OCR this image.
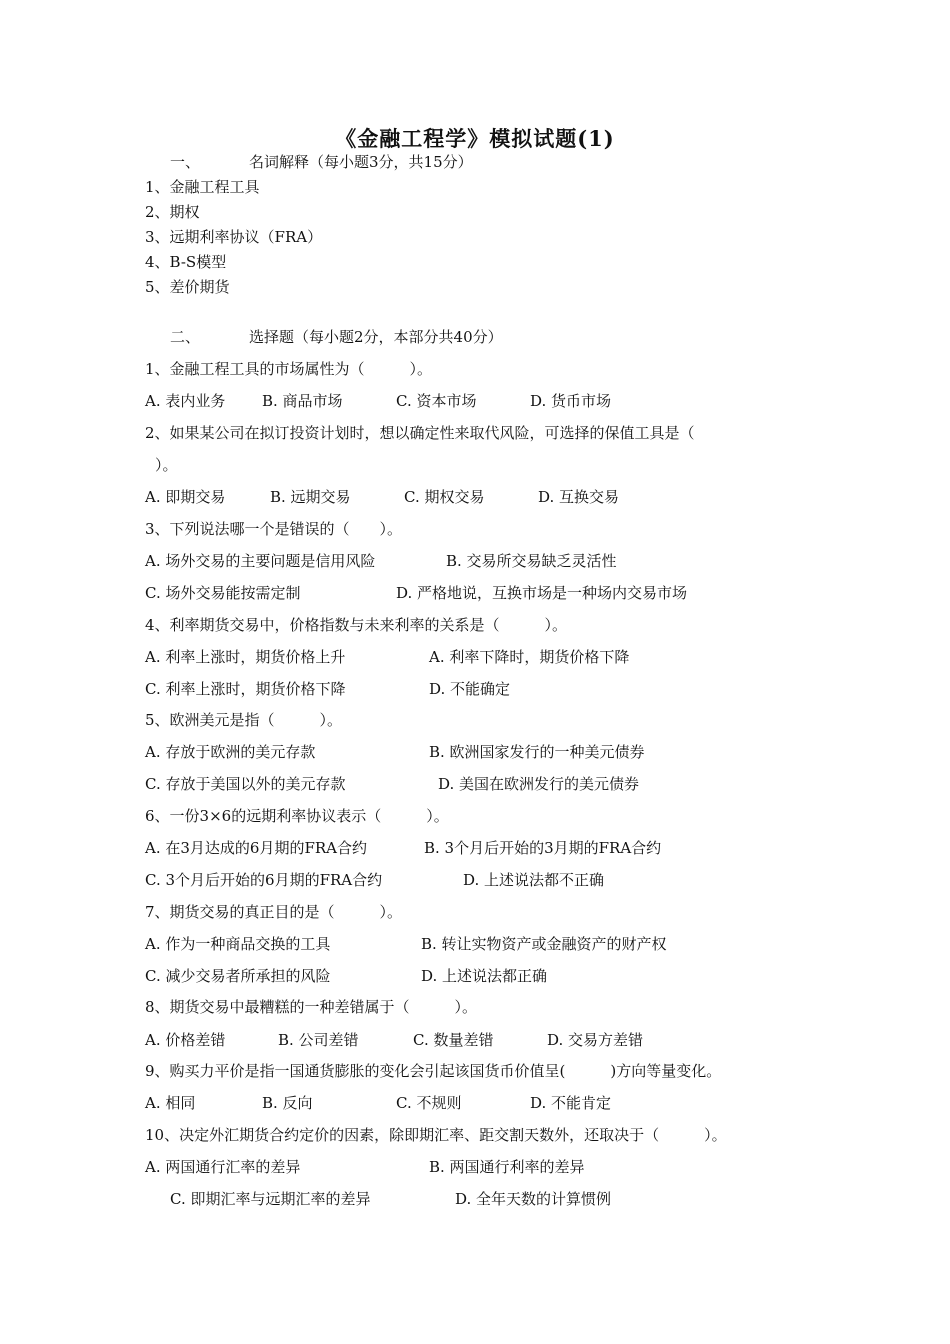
《金融工程学》模拟试题(1)
一、	名词解释（每小题3分，共15分）
1、金融工程工具
2、期权
3、远期利率协议（FRA）
4、B-S模型
5、差价期货
二、	选择题（每小题2分，本部分共40分）
1、金融工程工具的市场属性为（　　　）。
A. 表内业务 B. 商品市场	C. 资本市场	D. 货币市场
2、如果某公司在拟订投资计划时，想以确定性来取代风险，可选择的保值工具是（
）。
A. 即期交易	B. 远期交易	C. 期权交易	D. 互换交易
3、下列说法哪一个是错误的（　　）。
A. 场外交易的主要问题是信用风险	B. 交易所交易缺乏灵活性
C. 场外交易能按需定制	D. 严格地说，互换市场是一种场内交易市场
4、利率期货交易中，价格指数与未来利率的关系是（　　　）。
A. 利率上涨时，期货价格上升	A. 利率下降时，期货价格下降
C. 利率上涨时，期货价格下降	D. 不能确定
5、欧洲美元是指（　　　）。
A. 存放于欧洲的美元存款	B. 欧洲国家发行的一种美元债券
C. 存放于美国以外的美元存款	D. 美国在欧洲发行的美元债券
6、一份3×6的远期利率协议表示（　　　）。
A. 在3月达成的6月期的FRA合约	B. 3个月后开始的3月期的FRA合约
C. 3个月后开始的6月期的FRA合约	D. 上述说法都不正确
7、期货交易的真正目的是（　　　）。
A. 作为一种商品交换的工具	B. 转让实物资产或金融资产的财产权
C. 减少交易者所承担的风险	D. 上述说法都正确
8、期货交易中最糟糕的一种差错属于（　　　）。
A. 价格差错	B. 公司差错	C. 数量差错	D. 交易方差错
9、购买力平价是指一国通货膨胀的变化会引起该国货币价值呈(　　　)方向等量变化。
A. 相同	B. 反向	C. 不规则	D. 不能肯定
10、决定外汇期货合约定价的因素，除即期汇率、距交割天数外，还取决于（　　　）。
A. 两国通行汇率的差异	B. 两国通行利率的差异
C. 即期汇率与远期汇率的差异	D. 全年天数的计算惯例
